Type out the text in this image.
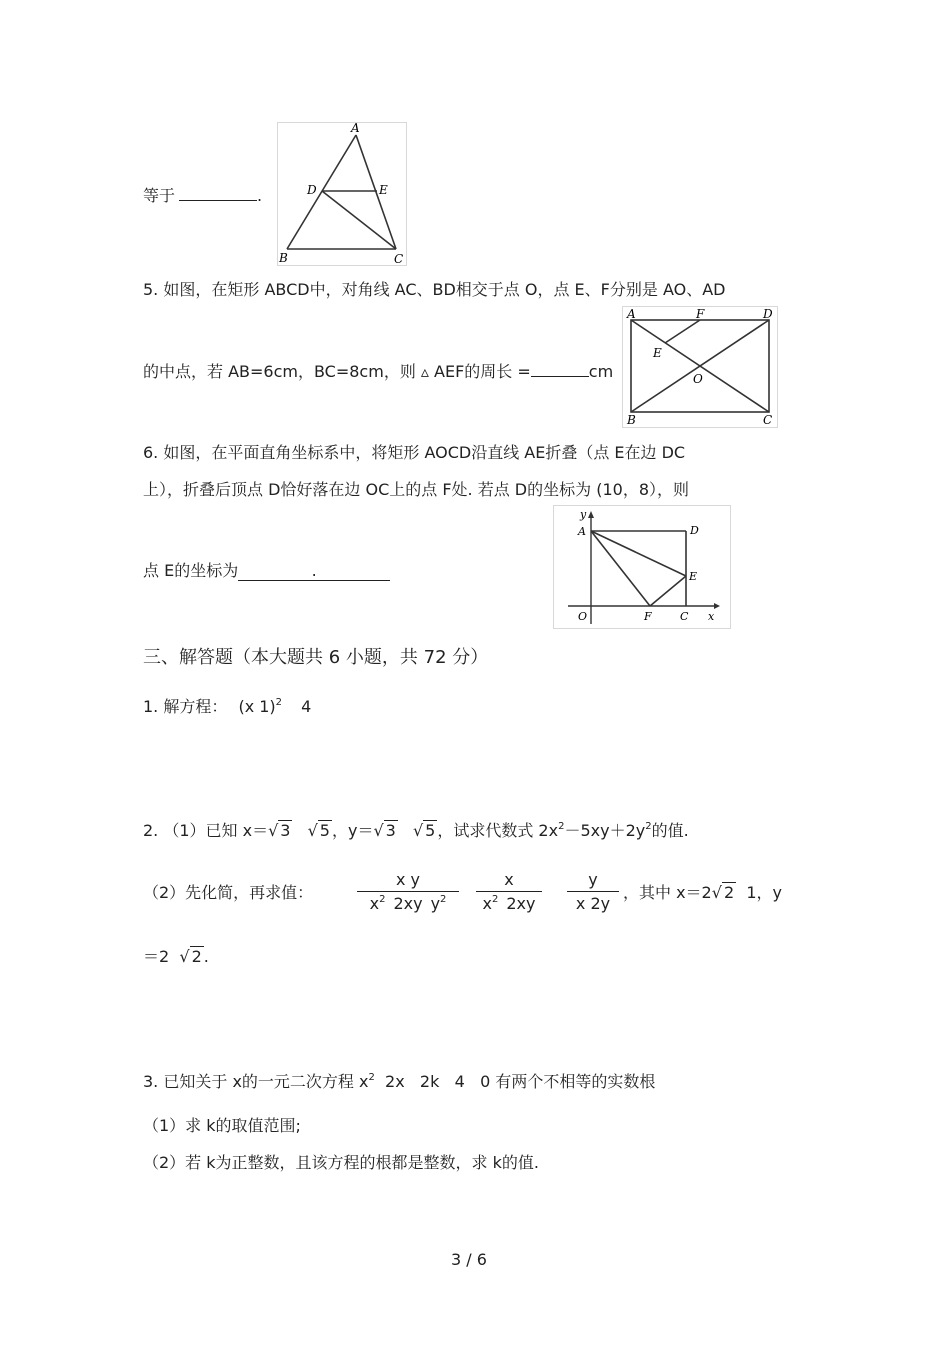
等于	.
A
D	E
B	C
5. 如图，在矩形 ABCD中，对角线 AC、BD相交于点 O，点 E、F分别是 AO、AD
的中点，若 AB=6cm，BC=8cm，则 ▵ AEF的周长 =	cm
A	F	D
E
O
B	C
6. 如图，在平面直角坐标系中，将矩形 AOCD沿直线 AE折叠（点 E在边 DC
上），折叠后顶点 D恰好落在边 OC上的点 F处. 若点 D的坐标为 (10，8），则
点 E的坐标为	.
y
A	D
E
O	F	C x
三、解答题（本大题共 6 小题，共 72 分）
1. 解方程： (x 1)$^2$ 4
2. （1）已知 x＝√ 3 √ 5 ，y＝√ 3 √ 5 ，试求代数式 $2x^2-5xy+2y^2$的值.
（2）先化简，再求值：
x y
$x^2$ 2xy $y^2$	$\frac{x}{x^2 2xy} \frac{y}{x 2y}$ ，其中 x＝2√ 2  1，y
＝2  √ 2 .
3. 已知关于 x的一元二次方程 $x^2$  2x   2k   4   0 有两个不相等的实数根
（1）求 k的取值范围;
（2）若 k为正整数，且该方程的根都是整数，求 k的值.
3 / 6
